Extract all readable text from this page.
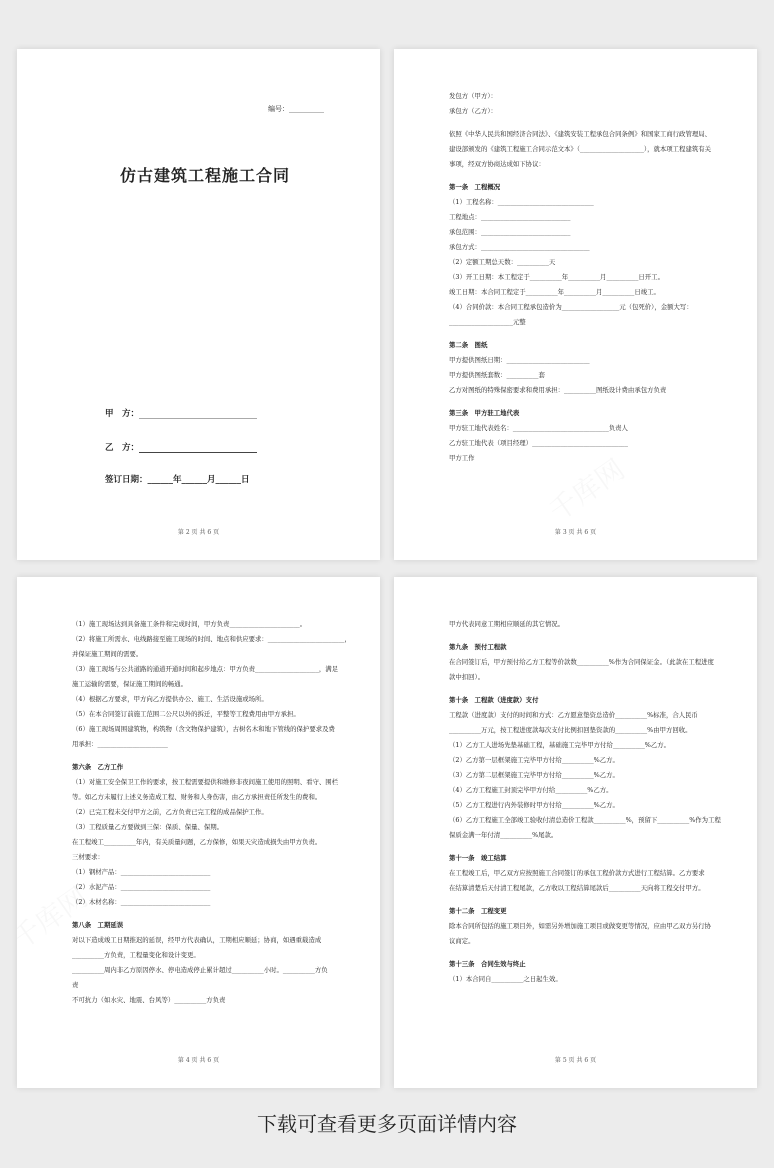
编号：__________
仿古建筑工程施工合同
甲　方：
乙　方：
签订日期：______年______月______日
第 2 页 共 6 页
发包方（甲方）：
承包方（乙方）：
依照《中华人民共和国经济合同法》、《建筑安装工程承包合同条例》和国家工商行政管理局、
建设部颁发的《建筑工程施工合同示范文本》（____________________），就本项工程建筑有关
事项，经双方协商达成如下协议：
第一条　工程概况
（1）工程名称：______________________________
工程地点：____________________________
承包范围：____________________________
承包方式：__________________________________
（2）定额工期总天数：__________天
（3）开工日期：本工程定于__________年__________月__________日开工。
竣工日期：本合同工程定于__________年__________月__________日竣工。
（4）合同价款：本合同工程承包造价为__________________元（包死价），金额大写：
____________________元整
第二条　图纸
甲方提供图纸日期：__________________________
甲方提供图纸套数：__________套
乙方对图纸的特殊保密要求和费用承担：__________图纸设计费由承包方负责
第三条　甲方驻工地代表
甲方驻工地代表姓名：______________________________负责人
乙方驻工地代表（项目经理）______________________________
甲方工作
第 3 页 共 6 页
（1）施工现场达到具备施工条件和完成时间，甲方负责______________________。
（2）将施工所需水、电线路接至施工现场的时间、地点和供应要求：________________________，
并保证施工期间的需要。
（3）施工现场与公共道路的通道开通时间和起步地点：甲方负责____________________，满足
施工运输的需要，保证施工期间的畅通。
（4）根据乙方要求，甲方向乙方提供办公、施工、生活设施或场所。
（5）在本合同签订前施工范围二公尺以外的拆迁，平整等工程费用由甲方承担。
（6）施工现场周围建筑物，构筑物（含文物保护建筑），古树名木和地下管线的保护要求及费
用承担：______________________
第六条　乙方工作
（1）对施工安全保卫工作的要求，按工程需要提供和维修非夜间施工使用的照明、看守、围栏
等。如乙方未履行上述义务造成工程、财务和人身伤害，由乙方承担责任所发生的费和。
（2）已完工程未交付甲方之前，乙方负责已完工程的成品保护工作。
（3）工程质量乙方要做到三保：保质、保量、保期。
在工程竣工__________年内，有关质量问题，乙方保修，如果天灾造成损失由甲方负责。
三材要求：
（1）钢材产品：____________________________
（2）水泥产品：____________________________
（2）木材名称：____________________________
第八条　工期延误
对以下造成竣工日期推迟的延误，经甲方代表确认，工期相应顺延；协商，如遇重载造成
__________方负责，工程量变化和设计变更。
__________周内非乙方原因停水、停电造成停止累计超过__________小时。__________方负
责
不可抗力（如水灾、地震、台风等）__________方负责
第 4 页 共 6 页
甲方代表同意工期相应顺延的其它情况。
第九条　预付工程款
在合同签订后，甲方预付给乙方工程等价款数__________%作为合同保证金。（此款在工程进度
款中扣回）。
第十条　工程款（进度款）支付
工程款（进度款）支付的时间和方式：乙方愿意垫资总造价__________%标准，合人民币
__________万元，按工程进度款每次支付比例扣回垫资款的__________%由甲方回收。
（1）乙方工人进场先垫基础工程，基础施工完毕甲方付给__________%乙方。
（2）乙方第一层框架施工完毕甲方付给__________%乙方。
（3）乙方第二层框架施工完毕甲方付给__________%乙方。
（4）乙方工程施工封顶完毕甲方付给__________%乙方。
（5）乙方工程进行内外装修时甲方付给__________%乙方。
（6）乙方工程施工全部竣工验收付清总造价工程款__________%，预留下__________%作为工程
保质金满一年付清__________%尾款。
第十一条　竣工结算
在工程竣工后，甲乙双方应按照施工合同签订的承包工程价款方式进行工程结算。乙方要求
在结算清楚后天付清工程尾款，乙方收以工程结算尾款后__________天向将工程交付甲方。
第十二条　工程变更
除本合同所包括的施工项目外，如需另外增加施工项目或做变更等情况，应由甲乙双方另行协
议商定。
第十三条　合同生效与终止
（1）本合同自__________之日起生效。
第 5 页 共 6 页
下载可查看更多页面详情内容
